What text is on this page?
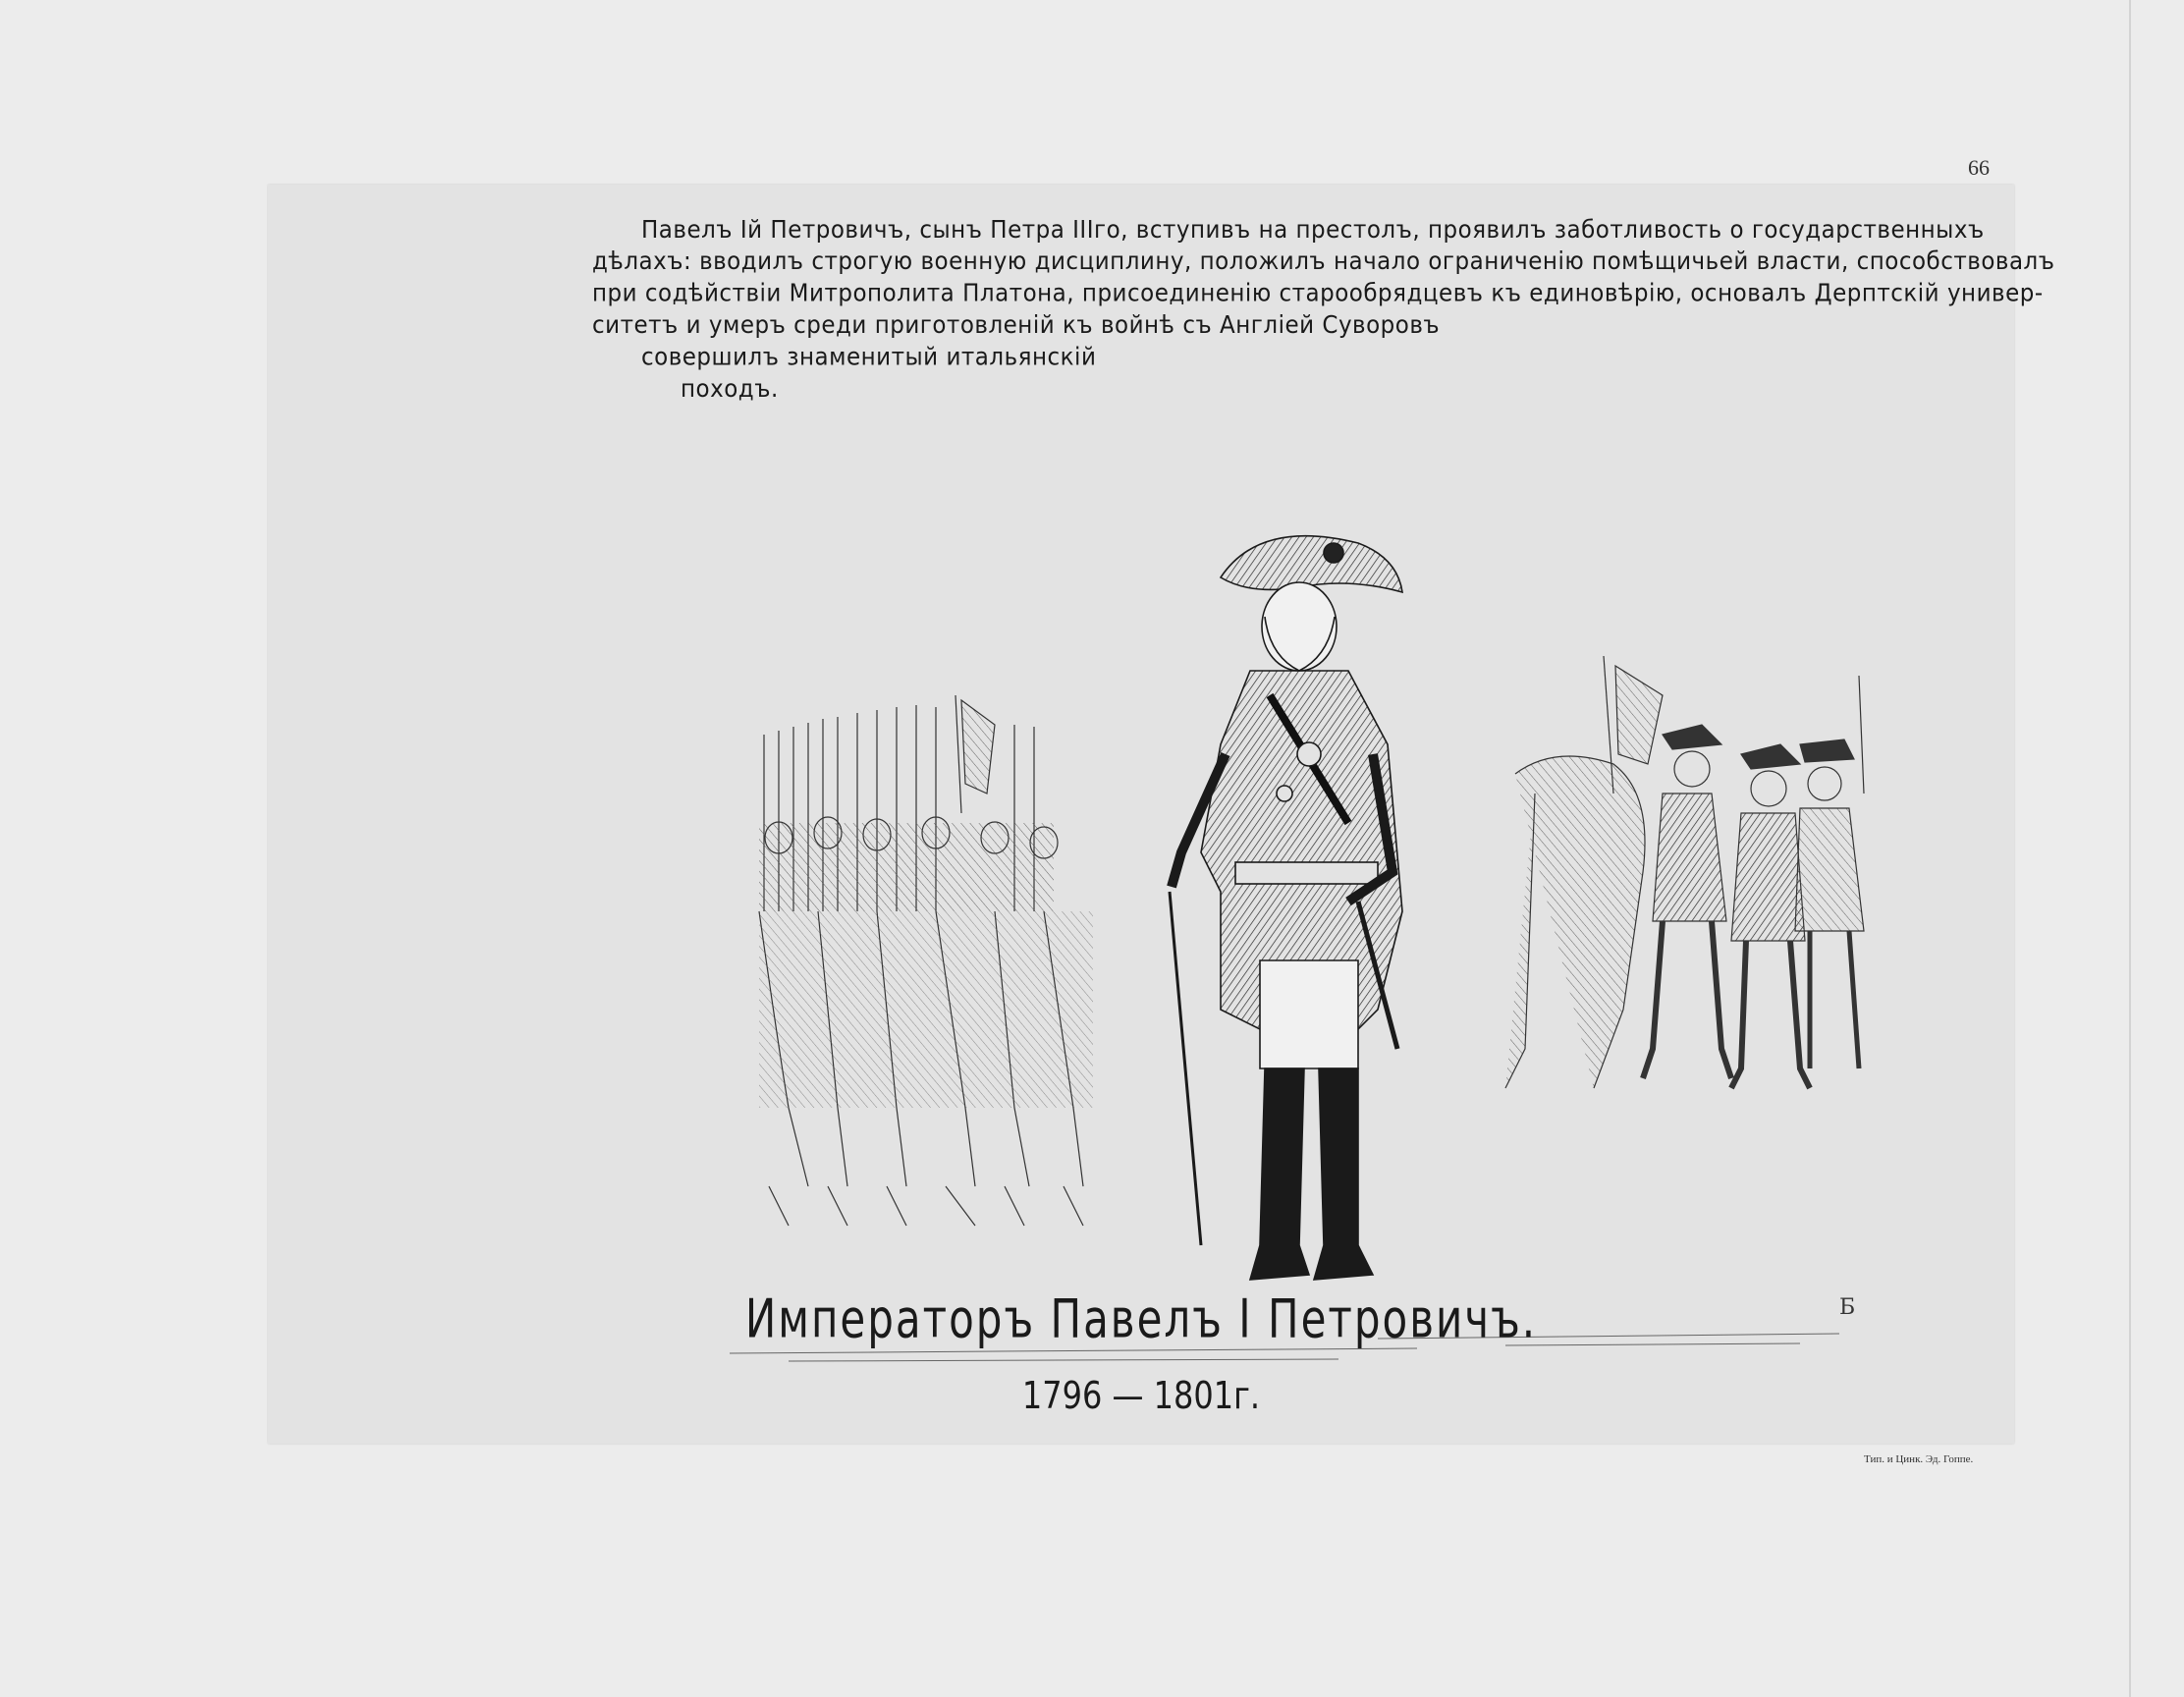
66
Павелъ Iй Петровичъ, сынъ Петра IIIго, вступивъ на престолъ, проявилъ заботливость о государственныхъ
дѣлахъ: вводилъ строгую военную дисциплину, положилъ начало ограниченію помѣщичьей власти, способствовалъ
при содѣйствіи Митрополита Платона, присоединенію старообрядцевъ къ единовѣрію, основалъ Дерптскій универ-
ситетъ и умеръ среди приготовленій къ войнѣ съ Англіей Суворовъ
совершилъ знаменитый итальянскій
походъ.
Б
Императоръ Павелъ I Петровичъ.
1796 — 1801г.
Тип. и Цинк. Эд. Гоппе.
